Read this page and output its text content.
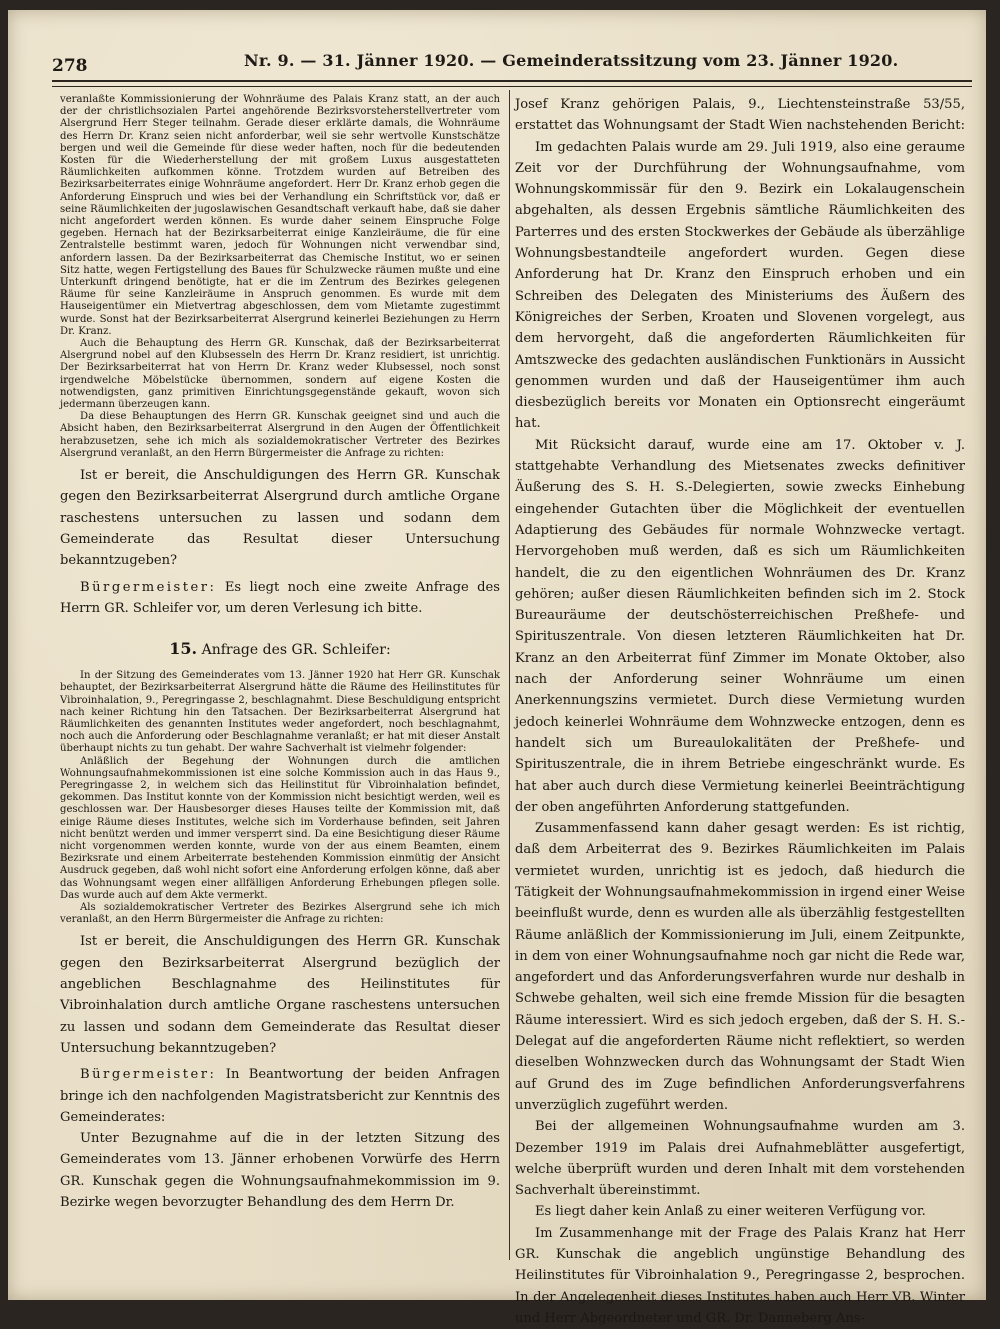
278	Nr. 9. — 31. Jänner 1920. — Gemeinderatssitzung vom 23. Jänner 1920.

veranlaßte Kommissionierung der Wohnräume des Palais Kranz statt, an der auch der der christlichsozialen Partei angehörende Bezirksvorsteherstellvertreter vom Alsergrund Herr Steger teilnahm. Gerade dieser erklärte damals, die Wohnräume des Herrn Dr. Kranz seien nicht anforderbar, weil sie sehr wertvolle Kunstschätze bergen und weil die Gemeinde für diese weder haften, noch für die bedeutenden Kosten für die Wiederherstellung der mit großem Luxus ausgestatteten Räumlichkeiten aufkommen könne. Trotzdem wurden auf Betreiben des Bezirksarbeiterrates einige Wohnräume angefordert. Herr Dr. Kranz erhob gegen die Anforderung Einspruch und wies bei der Verhandlung ein Schriftstück vor, daß er seine Räumlichkeiten der jugoslawischen Gesandtschaft verkauft habe, daß sie daher nicht angefordert werden können. Es wurde daher seinem Einspruche Folge gegeben. Hernach hat der Bezirksarbeiterrat einige Kanzleiräume, die für eine Zentralstelle bestimmt waren, jedoch für Wohnungen nicht verwendbar sind, anfordern lassen. Da der Bezirksarbeiterrat das Chemische Institut, wo er seinen Sitz hatte, wegen Fertigstellung des Baues für Schulzwecke räumen mußte und eine Unterkunft dringend benötigte, hat er die im Zentrum des Bezirkes gelegenen Räume für seine Kanzleiräume in Anspruch genommen. Es wurde mit dem Hauseigentümer ein Mietvertrag abgeschlossen, dem vom Mietamte zugestimmt wurde. Sonst hat der Bezirksarbeiterrat Alsergrund keinerlei Beziehungen zu Herrn Dr. Kranz.

Auch die Behauptung des Herrn GR. Kunschak, daß der Bezirksarbeiterrat Alsergrund nobel auf den Klubsesseln des Herrn Dr. Kranz residiert, ist unrichtig. Der Bezirksarbeiterrat hat von Herrn Dr. Kranz weder Klubsessel, noch sonst irgendwelche Möbelstücke übernommen, sondern auf eigene Kosten die notwendigsten, ganz primitiven Einrichtungsgegenstände gekauft, wovon sich jedermann überzeugen kann.

Da diese Behauptungen des Herrn GR. Kunschak geeignet sind und auch die Absicht haben, den Bezirksarbeiterrat Alsergrund in den Augen der Öffentlichkeit herabzusetzen, sehe ich mich als sozialdemokratischer Vertreter des Bezirkes Alsergrund veranlaßt, an den Herrn Bürgermeister die Anfrage zu richten:

Ist er bereit, die Anschuldigungen des Herrn GR. Kunschak gegen den Bezirksarbeiterrat Alsergrund durch amtliche Organe raschestens untersuchen zu lassen und sodann dem Gemeinderate das Resultat dieser Untersuchung bekanntzugeben?

Bürgermeister: Es liegt noch eine zweite Anfrage des Herrn GR. Schleifer vor, um deren Verlesung ich bitte.

15. Anfrage des GR. Schleifer:

In der Sitzung des Gemeinderates vom 13. Jänner 1920 hat Herr GR. Kunschak behauptet, der Bezirksarbeiterrat Alsergrund hätte die Räume des Heilinstitutes für Vibroinhalation, 9., Peregringasse 2, beschlagnahmt. Diese Beschuldigung entspricht nach keiner Richtung hin den Tatsachen. Der Bezirksarbeiterrat Alsergrund hat Räumlichkeiten des genannten Institutes weder angefordert, noch beschlagnahmt, noch auch die Anforderung oder Beschlagnahme veranlaßt; er hat mit dieser Anstalt überhaupt nichts zu tun gehabt. Der wahre Sachverhalt ist vielmehr folgender:

Anläßlich der Begehung der Wohnungen durch die amtlichen Wohnungsaufnahmekommissionen ist eine solche Kommission auch in das Haus 9., Peregringasse 2, in welchem sich das Heilinstitut für Vibroinhalation befindet, gekommen. Das Institut konnte von der Kommission nicht besichtigt werden, weil es geschlossen war. Der Hausbesorger dieses Hauses teilte der Kommission mit, daß einige Räume dieses Institutes, welche sich im Vorderhause befinden, seit Jahren nicht benützt werden und immer versperrt sind. Da eine Besichtigung dieser Räume nicht vorgenommen werden konnte, wurde von der aus einem Beamten, einem Bezirksrate und einem Arbeiterrate bestehenden Kommission einmütig der Ansicht Ausdruck gegeben, daß wohl nicht sofort eine Anforderung erfolgen könne, daß aber das Wohnungsamt wegen einer allfälligen Anforderung Erhebungen pflegen solle. Das wurde auch auf dem Akte vermerkt.

Als sozialdemokratischer Vertreter des Bezirkes Alsergrund sehe ich mich veranlaßt, an den Herrn Bürgermeister die Anfrage zu richten:

Ist er bereit, die Anschuldigungen des Herrn GR. Kunschak gegen den Bezirksarbeiterrat Alsergrund bezüglich der angeblichen Beschlagnahme des Heilinstitutes für Vibroinhalation durch amtliche Organe raschestens untersuchen zu lassen und sodann dem Gemeinderate das Resultat dieser Untersuchung bekanntzugeben?

Bürgermeister: In Beantwortung der beiden Anfragen bringe ich den nachfolgenden Magistratsbericht zur Kenntnis des Gemeinderates:

Unter Bezugnahme auf die in der letzten Sitzung des Gemeinderates vom 13. Jänner erhobenen Vorwürfe des Herrn GR. Kunschak gegen die Wohnungsaufnahmekommission im 9. Bezirke wegen bevorzugter Behandlung des dem Herrn Dr.

Josef Kranz gehörigen Palais, 9., Liechtensteinstraße 53/55, erstattet das Wohnungsamt der Stadt Wien nachstehenden Bericht:

Im gedachten Palais wurde am 29. Juli 1919, also eine geraume Zeit vor der Durchführung der Wohnungsaufnahme, vom Wohnungskommissär für den 9. Bezirk ein Lokalaugenschein abgehalten, als dessen Ergebnis sämtliche Räumlichkeiten des Parterres und des ersten Stockwerkes der Gebäude als überzählige Wohnungsbestandteile angefordert wurden. Gegen diese Anforderung hat Dr. Kranz den Einspruch erhoben und ein Schreiben des Delegaten des Ministeriums des Äußern des Königreiches der Serben, Kroaten und Slovenen vorgelegt, aus dem hervorgeht, daß die angeforderten Räumlichkeiten für Amtszwecke des gedachten ausländischen Funktionärs in Aussicht genommen wurden und daß der Hauseigentümer ihm auch diesbezüglich bereits vor Monaten ein Optionsrecht eingeräumt hat.

Mit Rücksicht darauf, wurde eine am 17. Oktober v. J. stattgehabte Verhandlung des Mietsenates zwecks definitiver Äußerung des S. H. S.-Delegierten, sowie zwecks Einhebung eingehender Gutachten über die Möglichkeit der eventuellen Adaptierung des Gebäudes für normale Wohnzwecke vertagt. Hervorgehoben muß werden, daß es sich um Räumlichkeiten handelt, die zu den eigentlichen Wohnräumen des Dr. Kranz gehören; außer diesen Räumlichkeiten befinden sich im 2. Stock Bureauräume der deutschösterreichischen Preßhefe- und Spirituszentrale. Von diesen letzteren Räumlichkeiten hat Dr. Kranz an den Arbeiterrat fünf Zimmer im Monate Oktober, also nach der Anforderung seiner Wohnräume um einen Anerkennungszins vermietet. Durch diese Vermietung wurden jedoch keinerlei Wohnräume dem Wohnzwecke entzogen, denn es handelt sich um Bureaulokalitäten der Preßhefe- und Spirituszentrale, die in ihrem Betriebe eingeschränkt wurde. Es hat aber auch durch diese Vermietung keinerlei Beeinträchtigung der oben angeführten Anforderung stattgefunden.

Zusammenfassend kann daher gesagt werden: Es ist richtig, daß dem Arbeiterrat des 9. Bezirkes Räumlichkeiten im Palais vermietet wurden, unrichtig ist es jedoch, daß hiedurch die Tätigkeit der Wohnungsaufnahmekommission in irgend einer Weise beeinflußt wurde, denn es wurden alle als überzählig festgestellten Räume anläßlich der Kommissionierung im Juli, einem Zeitpunkte, in dem von einer Wohnungsaufnahme noch gar nicht die Rede war, angefordert und das Anforderungsverfahren wurde nur deshalb in Schwebe gehalten, weil sich eine fremde Mission für die besagten Räume interessiert. Wird es sich jedoch ergeben, daß der S. H. S.-Delegat auf die angeforderten Räume nicht reflektiert, so werden dieselben Wohnzwecken durch das Wohnungsamt der Stadt Wien auf Grund des im Zuge befindlichen Anforderungsverfahrens unverzüglich zugeführt werden.

Bei der allgemeinen Wohnungsaufnahme wurden am 3. Dezember 1919 im Palais drei Aufnahmeblätter ausgefertigt, welche überprüft wurden und deren Inhalt mit dem vorstehenden Sachverhalt übereinstimmt.

Es liegt daher kein Anlaß zu einer weiteren Verfügung vor.

Im Zusammenhange mit der Frage des Palais Kranz hat Herr GR. Kunschak die angeblich ungünstige Behandlung des Heilinstitutes für Vibroinhalation 9., Peregringasse 2, besprochen. In der Angelegenheit dieses Institutes haben auch Herr VB. Winter und Herr Abgeordneter und GR. Dr. Danneberg Ans-
